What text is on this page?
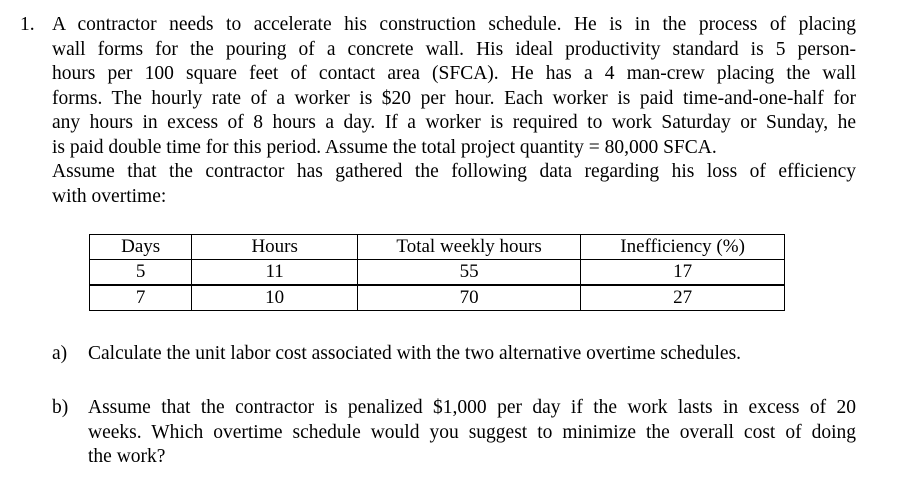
1. A contractor needs to accelerate his construction schedule. He is in the process of placing
wall forms for the pouring of a concrete wall. His ideal productivity standard is 5 person-
hours per 100 square feet of contact area (SFCA). He has a 4 man-crew placing the wall
forms. The hourly rate of a worker is $20 per hour. Each worker is paid time-and-one-half for
any hours in excess of 8 hours a day. If a worker is required to work Saturday or Sunday, he
is paid double time for this period. Assume the total project quantity = 80,000 SFCA.
Assume that the contractor has gathered the following data regarding his loss of efficiency
with overtime:
Days	Hours	Total weekly hours	Inefficiency (%)
5	11	55	17
7	10	70	27
a) Calculate the unit labor cost associated with the two alternative overtime schedules.
b) Assume that the contractor is penalized $1,000 per day if the work lasts in excess of 20
weeks. Which overtime schedule would you suggest to minimize the overall cost of doing
the work?
